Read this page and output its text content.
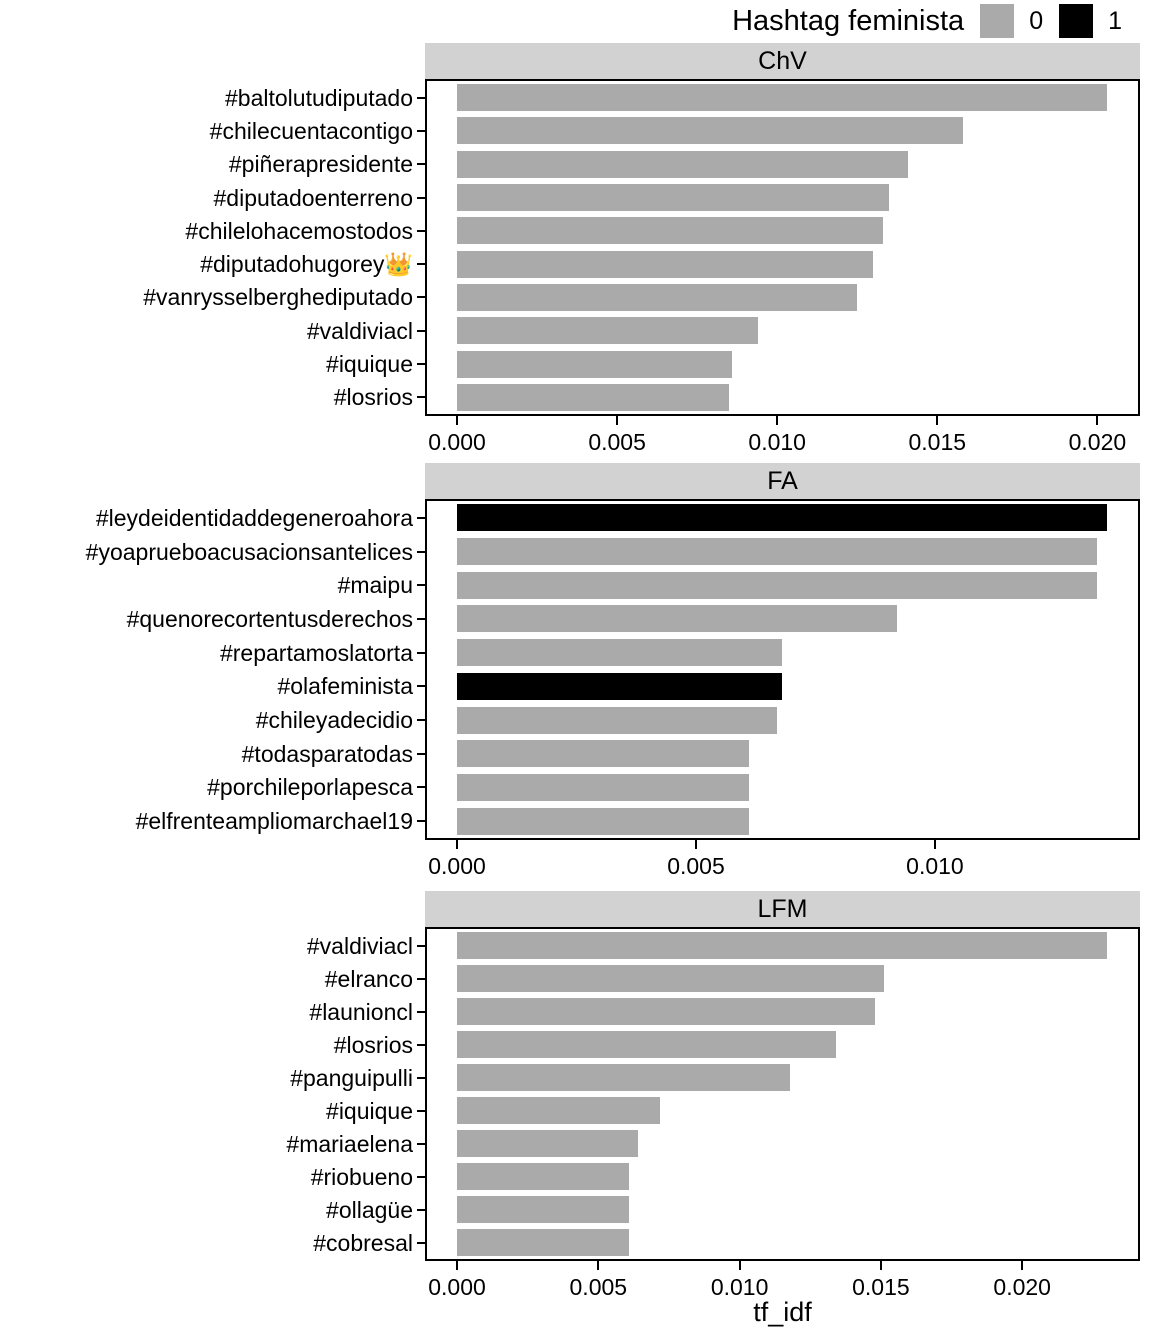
Hashtag feminista	0	1
ChV
#baltolutudiputado
#chilecuentacontigo
#piñerapresidente
#diputadoenterreno
#chilelohacemostodos
#diputadohugorey👑
#vanrysselberghediputado
#valdiviacl
#iquique
#losrios
0.000	0.005	0.010	0.015	0.020
FA
#leydeidentidaddegeneroahora
#yoaprueboacusacionsantelices
#maipu
#quenorecortentusderechos
#repartamoslatorta
#olafeminista
#chileyadecidio
#todasparatodas
#porchileporlapesca
#elfrenteampliomarchael19
0.000	0.005	0.010
LFM
#valdiviacl
#elranco
#launioncl
#losrios
#panguipulli
#iquique
#mariaelena
#riobueno
#ollagüe
#cobresal
0.000	0.005	0.010	0.015	0.020
tf_idf
